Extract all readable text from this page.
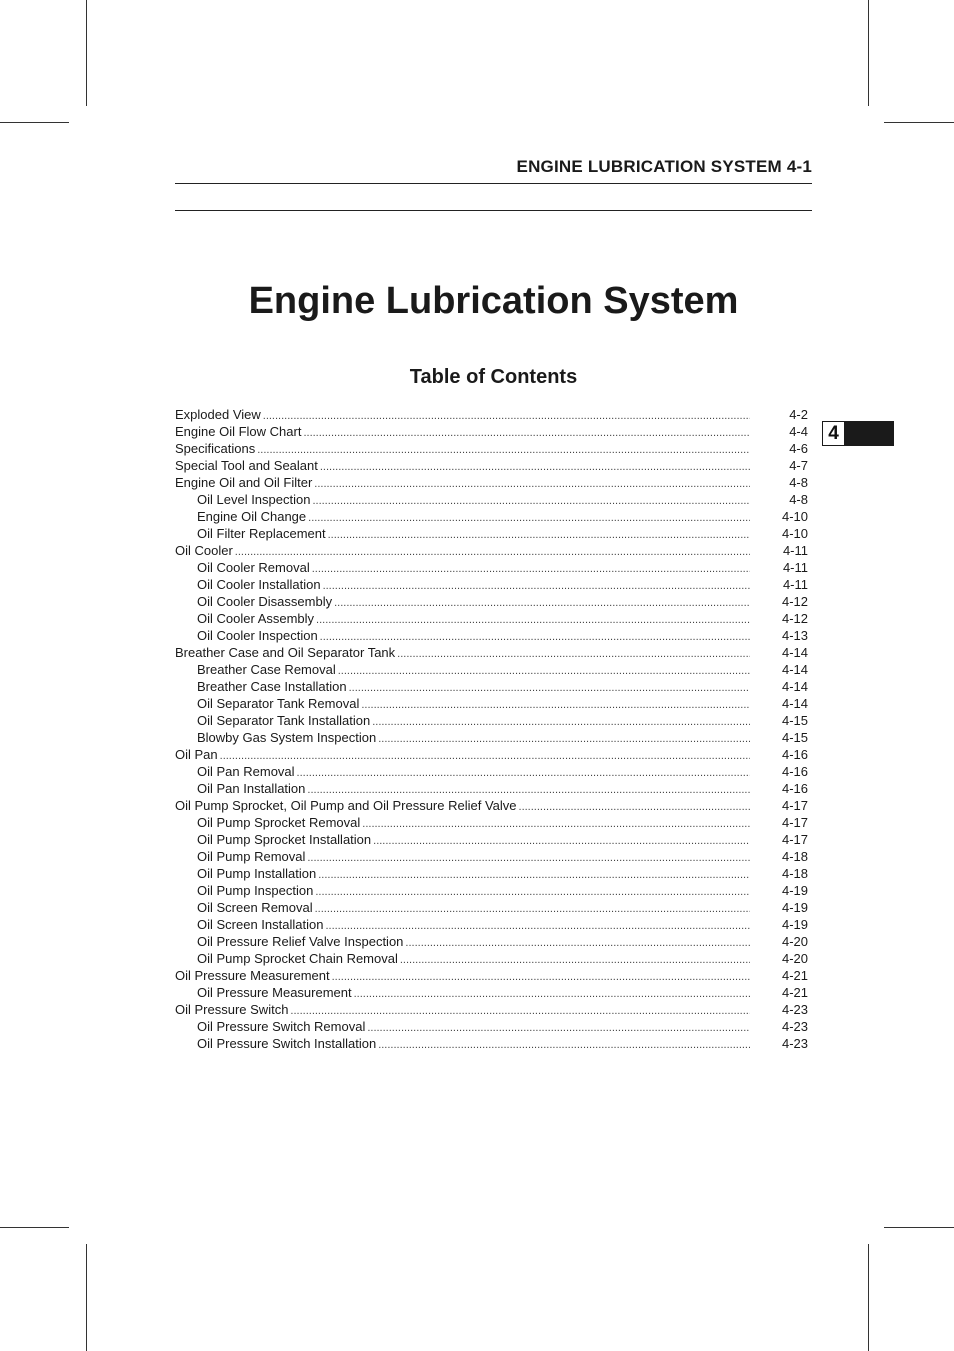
ENGINE LUBRICATION SYSTEM 4-1
Engine Lubrication System
Table of Contents
4
Exploded View .....	4-2
Engine Oil Flow Chart .....	4-4
Specifications .....	4-6
Special Tool and Sealant .....	4-7
Engine Oil and Oil Filter .....	4-8
Oil Level Inspection .....	4-8
Engine Oil Change .....	4-10
Oil Filter Replacement .....	4-10
Oil Cooler .....	4-11
Oil Cooler Removal .....	4-11
Oil Cooler Installation .....	4-11
Oil Cooler Disassembly .....	4-12
Oil Cooler Assembly .....	4-12
Oil Cooler Inspection .....	4-13
Breather Case and Oil Separator Tank .....	4-14
Breather Case Removal .....	4-14
Breather Case Installation .....	4-14
Oil Separator Tank Removal .....	4-14
Oil Separator Tank Installation .....	4-15
Blowby Gas System Inspection .....	4-15
Oil Pan .....	4-16
Oil Pan Removal .....	4-16
Oil Pan Installation .....	4-16
Oil Pump Sprocket, Oil Pump and Oil Pressure Relief Valve .....	4-17
Oil Pump Sprocket Removal .....	4-17
Oil Pump Sprocket Installation .....	4-17
Oil Pump Removal .....	4-18
Oil Pump Installation .....	4-18
Oil Pump Inspection .....	4-19
Oil Screen Removal .....	4-19
Oil Screen Installation .....	4-19
Oil Pressure Relief Valve Inspection .....	4-20
Oil Pump Sprocket Chain Removal .....	4-20
Oil Pressure Measurement .....	4-21
Oil Pressure Measurement .....	4-21
Oil Pressure Switch .....	4-23
Oil Pressure Switch Removal .....	4-23
Oil Pressure Switch Installation .....	4-23
